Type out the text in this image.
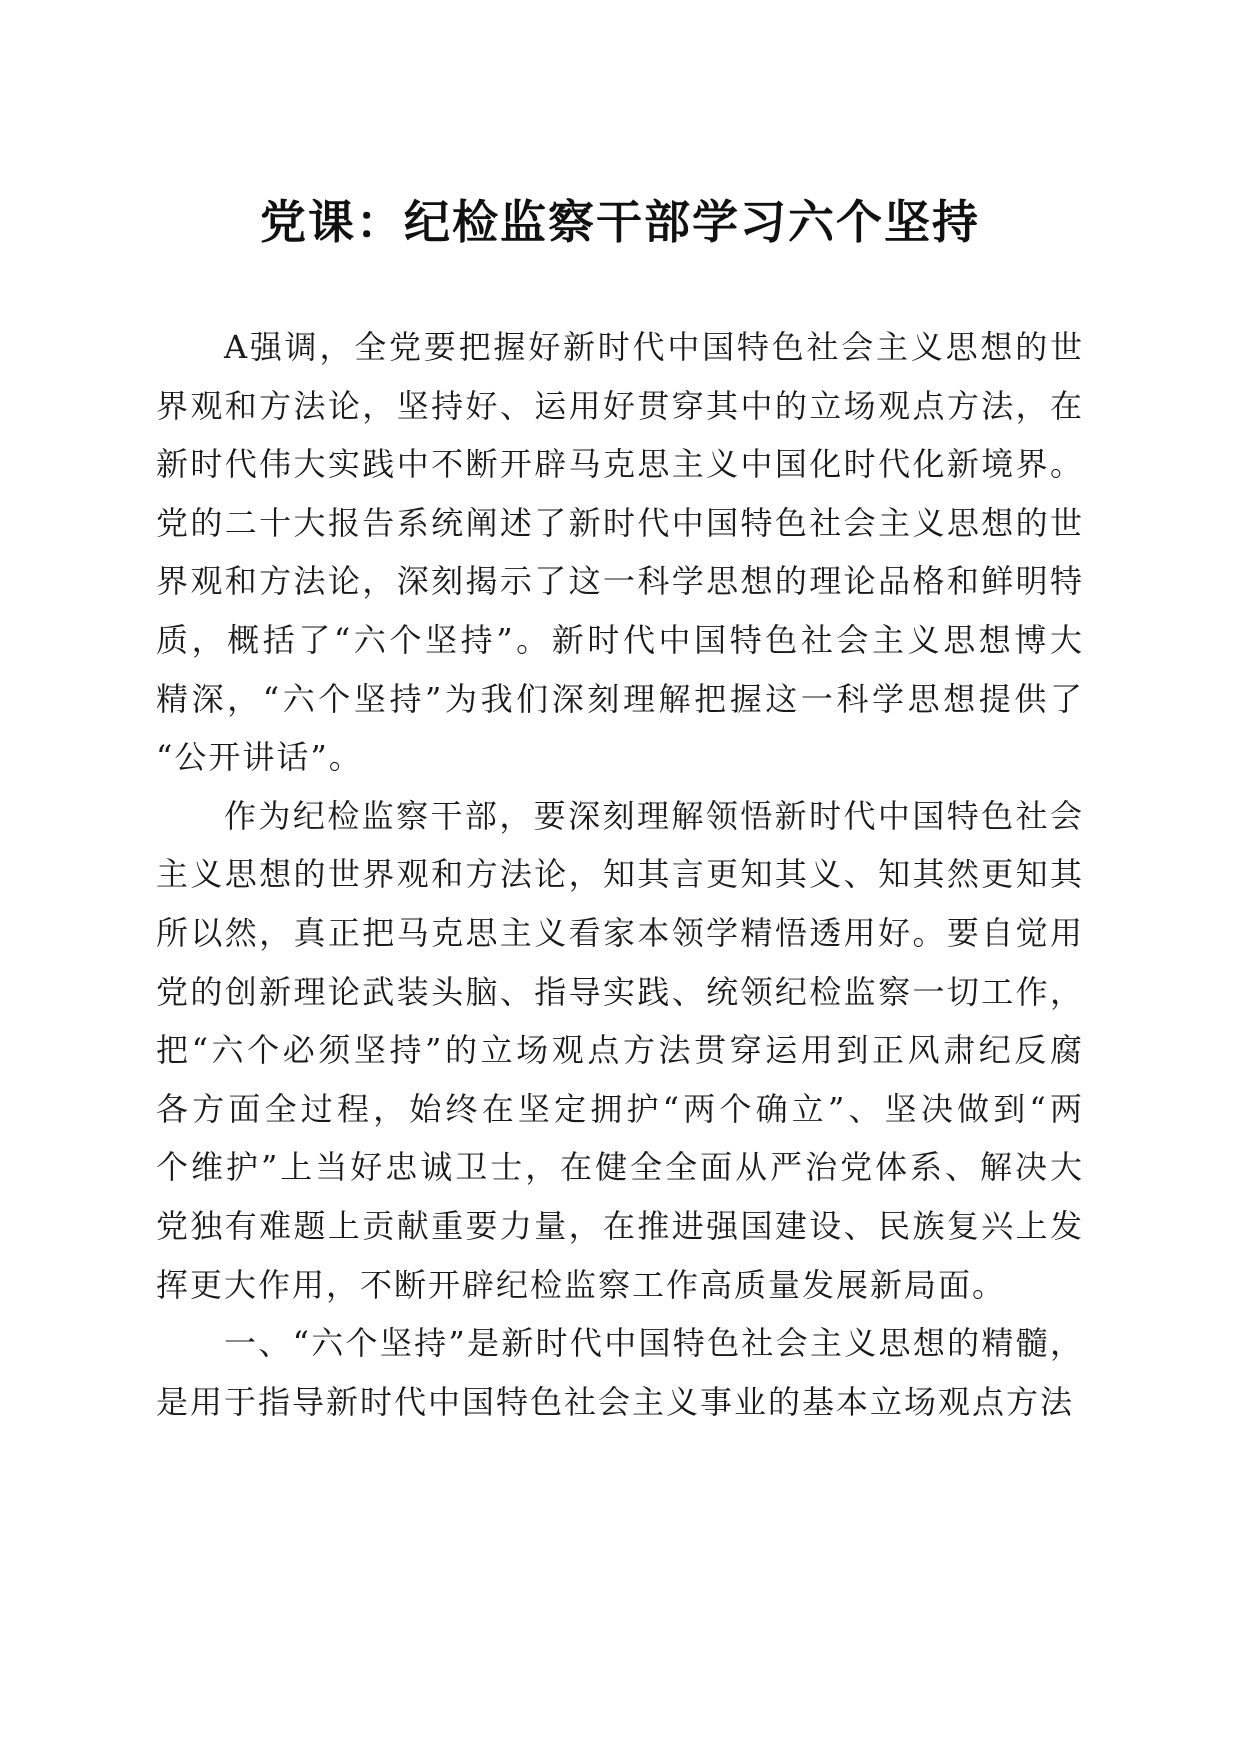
党课：纪检监察干部学习六个坚持
A强调，全党要把握好新时代中国特色社会主义思想的世
界观和方法论，坚持好、运用好贯穿其中的立场观点方法，在
新时代伟大实践中不断开辟马克思主义中国化时代化新境界。
党的二十大报告系统阐述了新时代中国特色社会主义思想的世
界观和方法论，深刻揭示了这一科学思想的理论品格和鲜明特
质，概括了“六个坚持”。新时代中国特色社会主义思想博大
精深，“六个坚持”为我们深刻理解把握这一科学思想提供了
“公开讲话”。
作为纪检监察干部，要深刻理解领悟新时代中国特色社会
主义思想的世界观和方法论，知其言更知其义、知其然更知其
所以然，真正把马克思主义看家本领学精悟透用好。要自觉用
党的创新理论武装头脑、指导实践、统领纪检监察一切工作，
把“六个必须坚持”的立场观点方法贯穿运用到正风肃纪反腐
各方面全过程，始终在坚定拥护“两个确立”、坚决做到“两
个维护”上当好忠诚卫士，在健全全面从严治党体系、解决大
党独有难题上贡献重要力量，在推进强国建设、民族复兴上发
挥更大作用，不断开辟纪检监察工作高质量发展新局面。
一、“六个坚持”是新时代中国特色社会主义思想的精髓，
是用于指导新时代中国特色社会主义事业的基本立场观点方法
